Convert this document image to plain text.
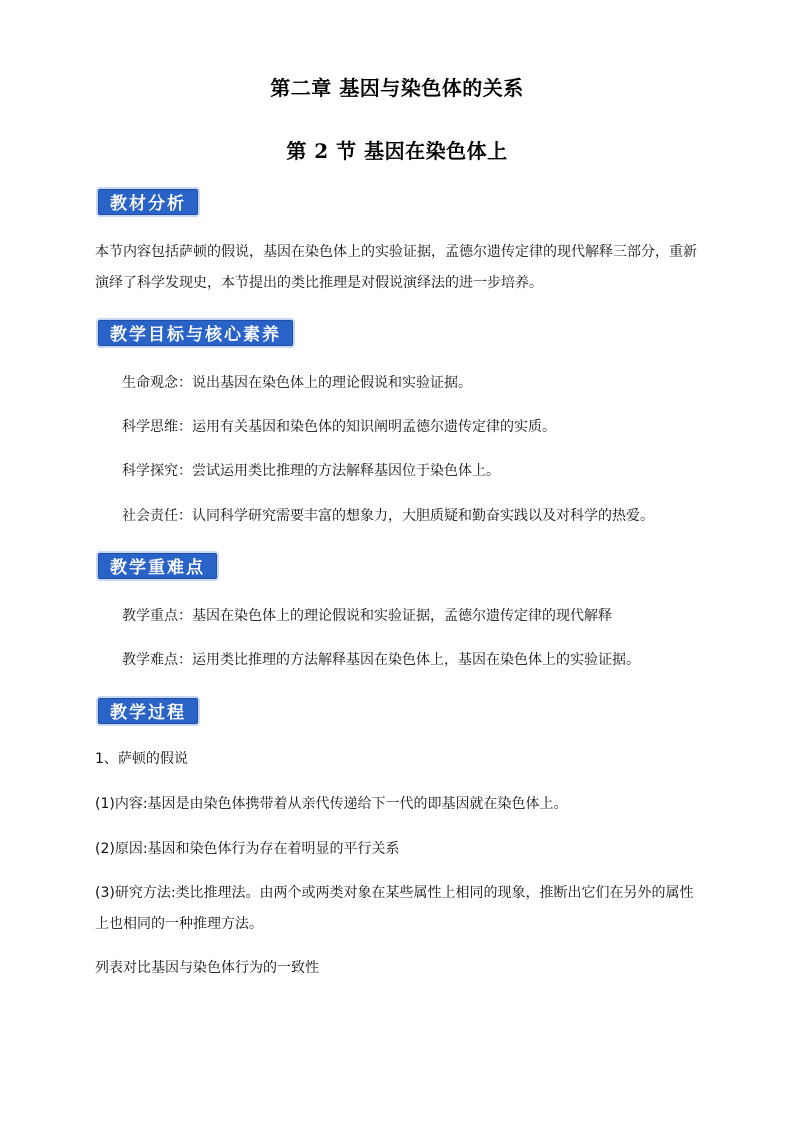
第二章 基因与染色体的关系
第 2 节 基因在染色体上
教材分析
本节内容包括萨顿的假说，基因在染色体上的实验证据，孟德尔遗传定律的现代解释三部分，重新演绎了科学发现史，本节提出的类比推理是对假说演绎法的进一步培养。
教学目标与核心素养
生命观念：说出基因在染色体上的理论假说和实验证据。
科学思维：运用有关基因和染色体的知识阐明孟德尔遗传定律的实质。
科学探究：尝试运用类比推理的方法解释基因位于染色体上。
社会责任：认同科学研究需要丰富的想象力，大胆质疑和勤奋实践以及对科学的热爱。
教学重难点
教学重点：基因在染色体上的理论假说和实验证据，孟德尔遗传定律的现代解释
教学难点：运用类比推理的方法解释基因在染色体上，基因在染色体上的实验证据。
教学过程
1、萨顿的假说
(1)内容:基因是由染色体携带着从亲代传递给下一代的即基因就在染色体上。
(2)原因:基因和染色体行为存在着明显的平行关系
(3)研究方法:类比推理法。由两个或两类对象在某些属性上相同的现象，推断出它们在另外的属性上也相同的一种推理方法。
列表对比基因与染色体行为的一致性
